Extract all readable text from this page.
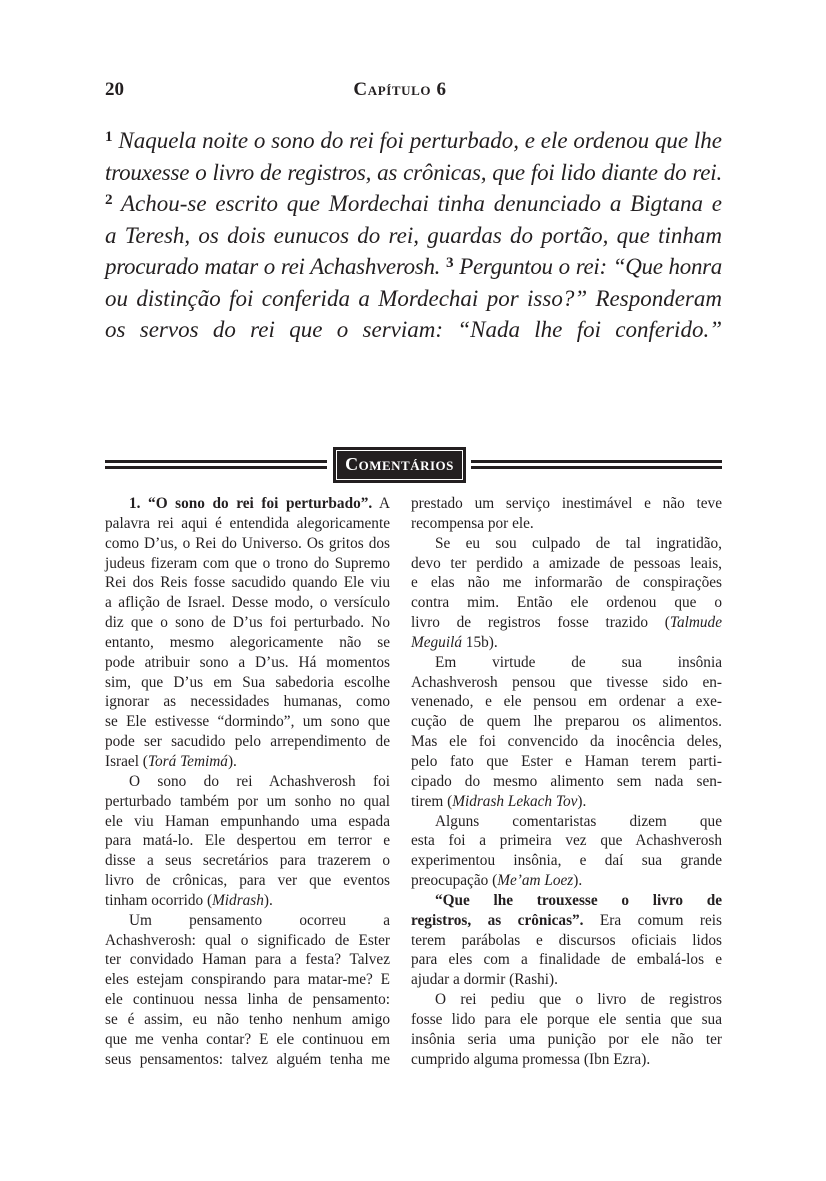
20	Capítulo 6
$^1$ Naquela noite o sono do rei foi perturbado, e ele ordenou que lhe
trouxesse o livro de registros, as crônicas, que foi lido diante do rei.
$^2$ Achou-se escrito que Mordechai tinha denunciado a Bigtana e
a Teresh, os dois eunucos do rei, guardas do portão, que tinham
procurado matar o rei Achashverosh. $^3$ Perguntou o rei: “Que honra
ou distinção foi conferida a Mordechai por isso?” Responderam
os servos do rei que o serviam: “Nada lhe foi conferido.”
Comentários
1. “O sono do rei foi perturbado”. A
palavra rei aqui é entendida alegoricamente
como D’us, o Rei do Universo. Os gritos dos
judeus fizeram com que o trono do Supremo
Rei dos Reis fosse sacudido quando Ele viu
a aflição de Israel. Desse modo, o versículo
diz que o sono de D’us foi perturbado. No
entanto, mesmo alegoricamente não se
pode atribuir sono a D’us. Há momentos
sim, que D’us em Sua sabedoria escolhe
ignorar as necessidades humanas, como
se Ele estivesse “dormindo”, um sono que
pode ser sacudido pelo arrependimento de
Israel (Torá Temimá).
O sono do rei Achashverosh foi
perturbado também por um sonho no qual
ele viu Haman empunhando uma espada
para matá-lo. Ele despertou em terror e
disse a seus secretários para trazerem o
livro de crônicas, para ver que eventos
tinham ocorrido (Midrash).
Um pensamento ocorreu a
Achashverosh: qual o significado de Ester
ter convidado Haman para a festa? Talvez
eles estejam conspirando para matar-me? E
ele continuou nessa linha de pensamento:
se é assim, eu não tenho nenhum amigo
que me venha contar? E ele continuou em
seus pensamentos: talvez alguém tenha me
prestado um serviço inestimável e não teve
recompensa por ele.
Se eu sou culpado de tal ingratidão,
devo ter perdido a amizade de pessoas leais,
e elas não me informarão de conspirações
contra mim. Então ele ordenou que o
livro de registros fosse trazido (Talmude
Meguilá 15b).
Em virtude de sua insônia
Achashverosh pensou que tivesse sido en-
venenado, e ele pensou em ordenar a exe-
cução de quem lhe preparou os alimentos.
Mas ele foi convencido da inocência deles,
pelo fato que Ester e Haman terem parti-
cipado do mesmo alimento sem nada sen-
tirem (Midrash Lekach Tov).
Alguns comentaristas dizem que
esta foi a primeira vez que Achashverosh
experimentou insônia, e daí sua grande
preocupação (Me’am Loez).
“Que lhe trouxesse o livro de
registros, as crônicas”. Era comum reis
terem parábolas e discursos oficiais lidos
para eles com a finalidade de embalá-los e
ajudar a dormir (Rashi).
O rei pediu que o livro de registros
fosse lido para ele porque ele sentia que sua
insônia seria uma punição por ele não ter
cumprido alguma promessa (Ibn Ezra).
